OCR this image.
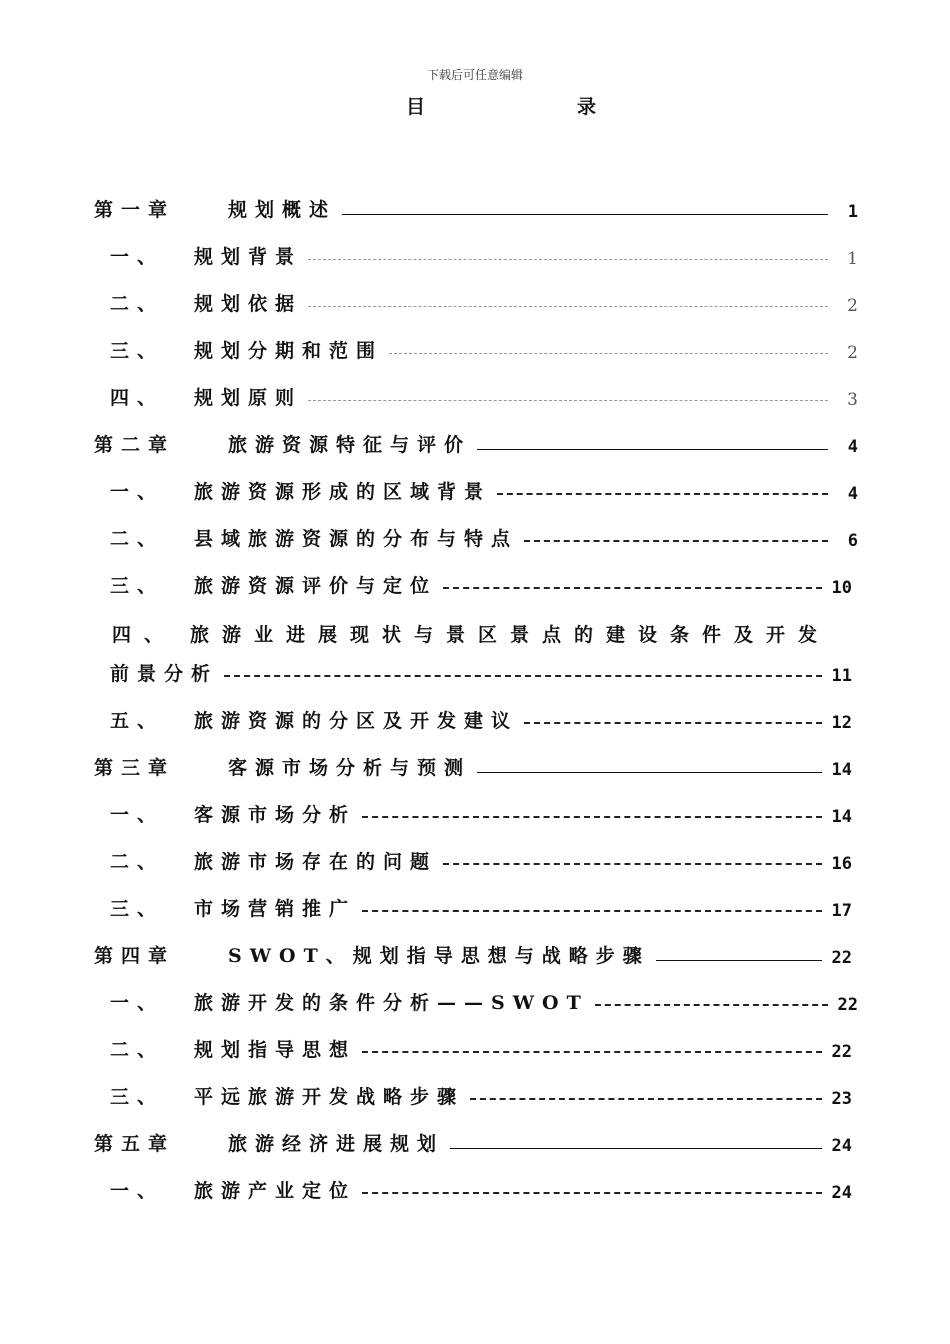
下载后可任意编辑
目	录
第一章	规划概述	1
一、 规划背景	1
二、 规划依据	2
三、 规划分期和范围	2
四、 规划原则	3
第二章	旅游资源特征与评价	4
一、 旅游资源形成的区域背景	4
二、 县域旅游资源的分布与特点	6
三、 旅游资源评价与定位	10
四、 旅游业进展现状与景区景点的建设条件及开发
前景分析	11
五、 旅游资源的分区及开发建议	12
第三章	客源市场分析与预测	14
一、 客源市场分析	14
二、 旅游市场存在的问题	16
三、 市场营销推广	17
第四章	SWOT、规划指导思想与战略步骤	22
一、 旅游开发的条件分析——SWOT	22
二、 规划指导思想	22
三、 平远旅游开发战略步骤	23
第五章	旅游经济进展规划	24
一、 旅游产业定位	24
